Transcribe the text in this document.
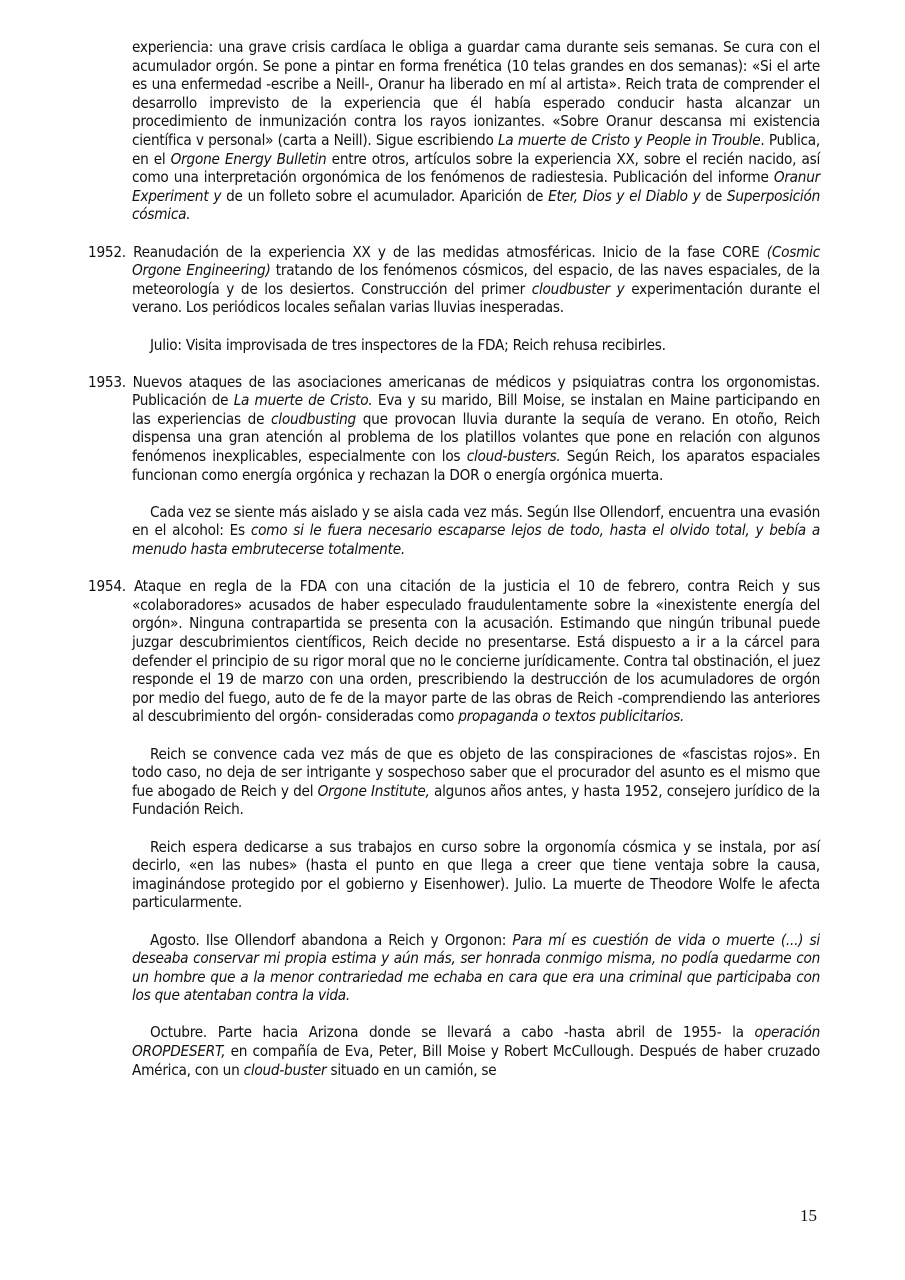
experiencia: una grave crisis cardíaca le obliga a guardar cama durante seis semanas. Se cura con el acumulador orgón. Se pone a pintar en forma frenética (10 telas grandes en dos semanas): «Si el arte es una enfermedad -escribe a Neill-, Oranur ha liberado en mí al artista». Reich trata de comprender el desarrollo imprevisto de la experiencia que él había esperado conducir hasta alcanzar un procedimiento de inmunización contra los rayos ionizantes. «Sobre Oranur descansa mi existencia científica v personal» (carta a Neill). Sigue escribiendo La muerte de Cristo y People in Trouble. Publica, en el Orgone Energy Bulletin entre otros, artículos sobre la experiencia XX, sobre el recién nacido, así como una interpretación orgonómica de los fenómenos de radiestesia. Publicación del informe Oranur Experiment y de un folleto sobre el acumulador. Aparición de Eter, Dios y el Diablo y de Superposición cósmica.

1952. Reanudación de la experiencia XX y de las medidas atmosféricas. Inicio de la fase CORE (Cosmic Orgone Engineering) tratando de los fenómenos cósmicos, del espacio, de las naves espaciales, de la meteorología y de los desiertos. Construcción del primer cloudbuster y experimentación durante el verano. Los periódicos locales señalan varias lluvias inesperadas.

Julio: Visita improvisada de tres inspectores de la FDA; Reich rehusa recibirles.

1953. Nuevos ataques de las asociaciones americanas de médicos y psiquiatras contra los orgonomistas. Publicación de La muerte de Cristo. Eva y su marido, Bill Moise, se instalan en Maine participando en las experiencias de cloudbusting que provocan lluvia durante la sequía de verano. En otoño, Reich dispensa una gran atención al problema de los platillos volantes que pone en relación con algunos fenómenos inexplicables, especialmente con los cloud-busters. Según Reich, los aparatos espaciales funcionan como energía orgónica y rechazan la DOR o energía orgónica muerta.

Cada vez se siente más aislado y se aisla cada vez más. Según Ilse Ollendorf, encuentra una evasión en el alcohol: Es como si le fuera necesario escaparse lejos de todo, hasta el olvido total, y bebía a menudo hasta embrutecerse totalmente.

1954. Ataque en regla de la FDA con una citación de la justicia el 10 de febrero, contra Reich y sus «colaboradores» acusados de haber especulado fraudulentamente sobre la «inexistente energía del orgón». Ninguna contrapartida se presenta con la acusación. Estimando que ningún tribunal puede juzgar descubrimientos científicos, Reich decide no presentarse. Está dispuesto a ir a la cárcel para defender el principio de su rigor moral que no le concierne jurídicamente. Contra tal obstinación, el juez responde el 19 de marzo con una orden, prescribiendo la destrucción de los acumuladores de orgón por medio del fuego, auto de fe de la mayor parte de las obras de Reich -comprendiendo las anteriores al descubrimiento del orgón- consideradas como propaganda o textos publicitarios.

Reich se convence cada vez más de que es objeto de las conspiraciones de «fascistas rojos». En todo caso, no deja de ser intrigante y sospechoso saber que el procurador del asunto es el mismo que fue abogado de Reich y del Orgone Institute, algunos años antes, y hasta 1952, consejero jurídico de la Fundación Reich.

Reich espera dedicarse a sus trabajos en curso sobre la orgonomía cósmica y se instala, por así decirlo, «en las nubes» (hasta el punto en que llega a creer que tiene ventaja sobre la causa, imaginándose protegido por el gobierno y Eisenhower). Julio. La muerte de Theodore Wolfe le afecta particularmente.

Agosto. Ilse Ollendorf abandona a Reich y Orgonon: Para mí es cuestión de vida o muerte (...) si deseaba conservar mi propia estima y aún más, ser honrada conmigo misma, no podía quedarme con un hombre que a la menor contrariedad me echaba en cara que era una criminal que participaba con los que atentaban contra la vida.

Octubre. Parte hacia Arizona donde se llevará a cabo -hasta abril de 1955- la operación OROPDESERT, en compañía de Eva, Peter, Bill Moise y Robert McCullough. Después de haber cruzado América, con un cloud-buster situado en un camión, se

15
